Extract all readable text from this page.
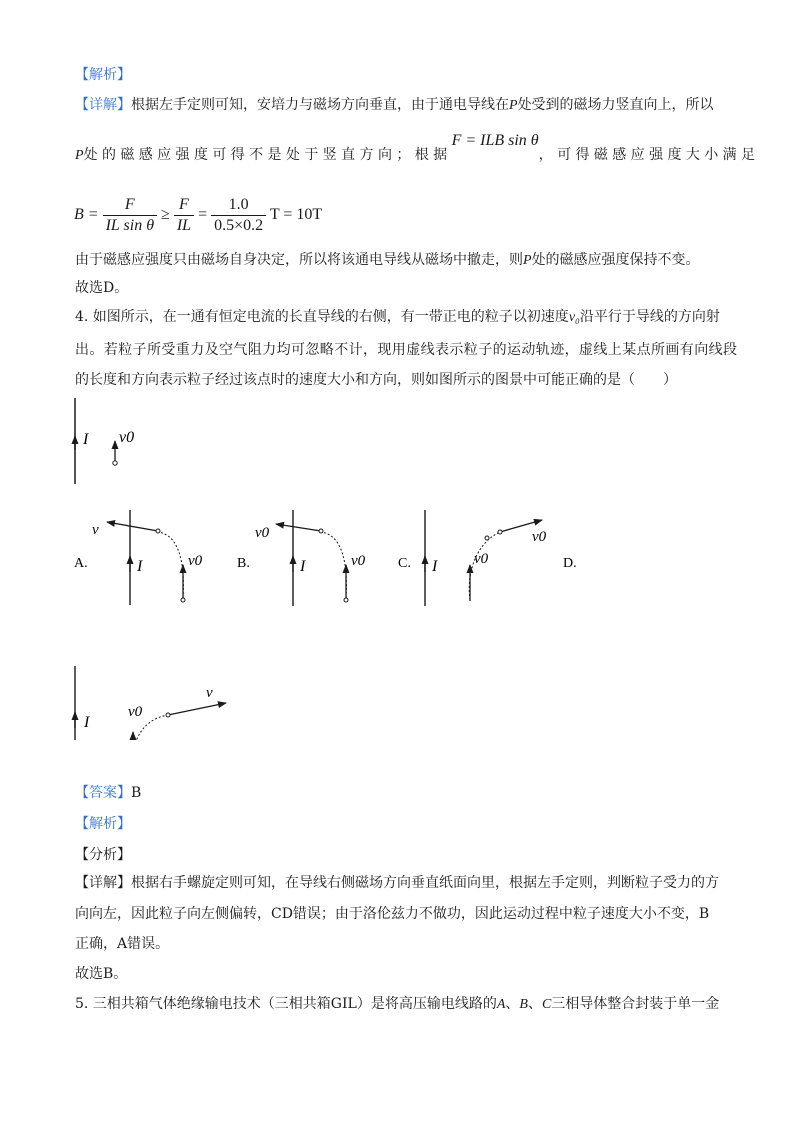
【解析】
【详解】根据左手定则可知，安培力与磁场方向垂直，由于通电导线在P处受到的磁场力竖直向上，所以
P处的磁感应强度可得不是处于竖直方向；根据
F = ILB sin θ
，可得磁感应强度大小满足
$B = \frac{F}{\text{IL sin θ}} \ge \frac{F}{IL} = \frac{1.0}{0.5\times 0.2}$ T = 10T
由于磁感应强度只由磁场自身决定，所以将该通电导线从磁场中撤走，则P处的磁感应强度保持不变。
故选D。
4. 如图所示，在一通有恒定电流的长直导线的右侧，有一带正电的粒子以初速度v₀沿平行于导线的方向射
出。若粒子所受重力及空气阻力均可忽略不计，现用虚线表示粒子的运动轨迹，虚线上某点所画有向线段
的长度和方向表示粒子经过该点时的速度大小和方向，则如图所示的图景中可能正确的是（　　）
I v0
I	v0
v
A.	I	v0
v0
B.	I v0
v0
C.	D.
I
v0
v
【答案】B
【解析】
【分析】
【详解】根据右手螺旋定则可知，在导线右侧磁场方向垂直纸面向里，根据左手定则，判断粒子受力的方
向向左，因此粒子向左侧偏转，CD错误；由于洛伦兹力不做功，因此运动过程中粒子速度大小不变，B
正确，A错误。
故选B。
5. 三相共箱气体绝缘输电技术（三相共箱GIL）是将高压输电线路的A、B、C三相导体整合封装于单一金
